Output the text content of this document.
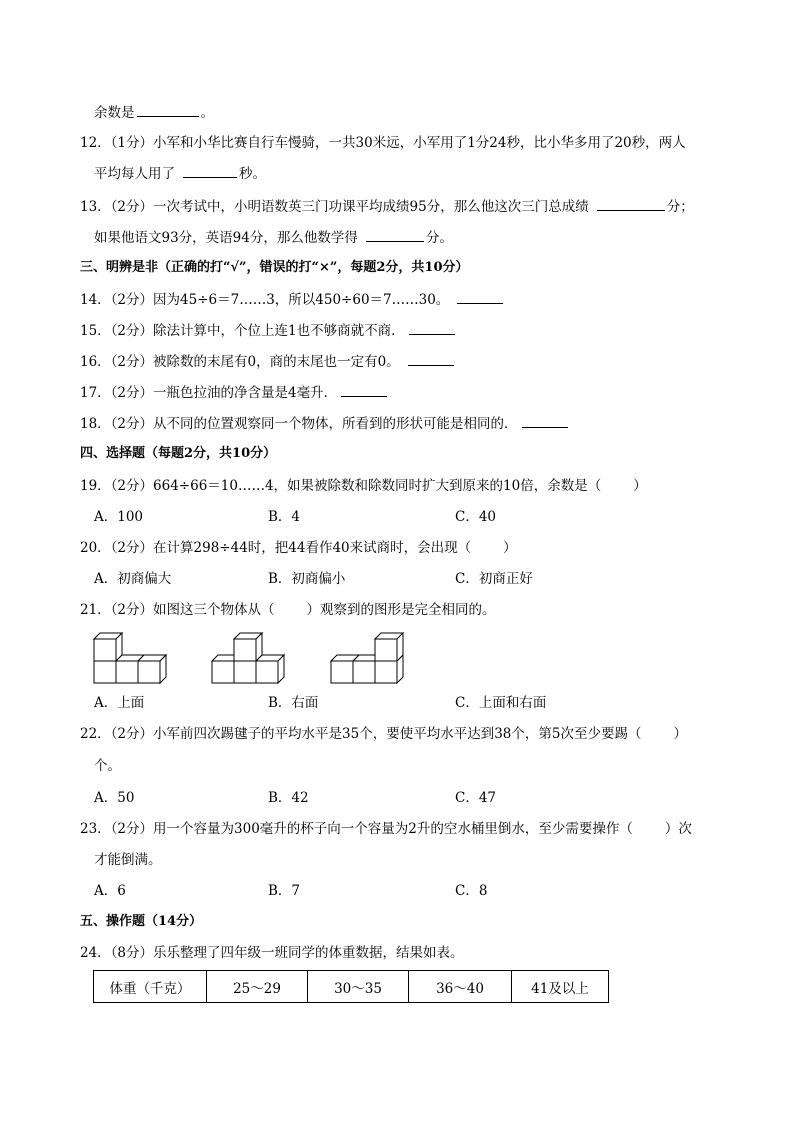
余数是	。
12．（1分）小军和小华比赛自行车慢骑，一共30米远，小军用了1分24秒，比小华多用了20秒，两人
平均每人用了	秒。
13．（2分）一次考试中，小明语数英三门功课平均成绩95分，那么他这次三门总成绩	分；
如果他语文93分，英语94分，那么他数学得	分。
三、明辨是非（正确的打“√”，错误的打“×”，每题2分，共10分）
14．（2分）因为45÷6＝7……3，所以450÷60＝7……30。
15．（2分）除法计算中，个位上连1也不够商就不商．
16．（2分）被除数的末尾有0，商的末尾也一定有0。
17．（2分）一瓶色拉油的净含量是4毫升．
18．（2分）从不同的位置观察同一个物体，所看到的形状可能是相同的．
四、选择题（每题2分，共10分）
19．（2分）664÷66＝10……4，如果被除数和除数同时扩大到原来的10倍，余数是（ ）
A．100	B．4	C．40
20．（2分）在计算298÷44时，把44看作40来试商时，会出现（ ）
A．初商偏大	B．初商偏小	C．初商正好
21．（2分）如图这三个物体从（ ）观察到的图形是完全相同的。
A．上面	B．右面	C．上面和右面
22．（2分）小军前四次踢毽子的平均水平是35个，要使平均水平达到38个，第5次至少要踢（ ）
个。
A．50	B．42	C．47
23．（2分）用一个容量为300毫升的杯子向一个容量为2升的空水桶里倒水，至少需要操作（ ）次
才能倒满。
A．6	B．7	C．8
五、操作题（14分）
24．（8分）乐乐整理了四年级一班同学的体重数据，结果如表。
体重（千克）	25～29	30～35	36～40	41及以上
